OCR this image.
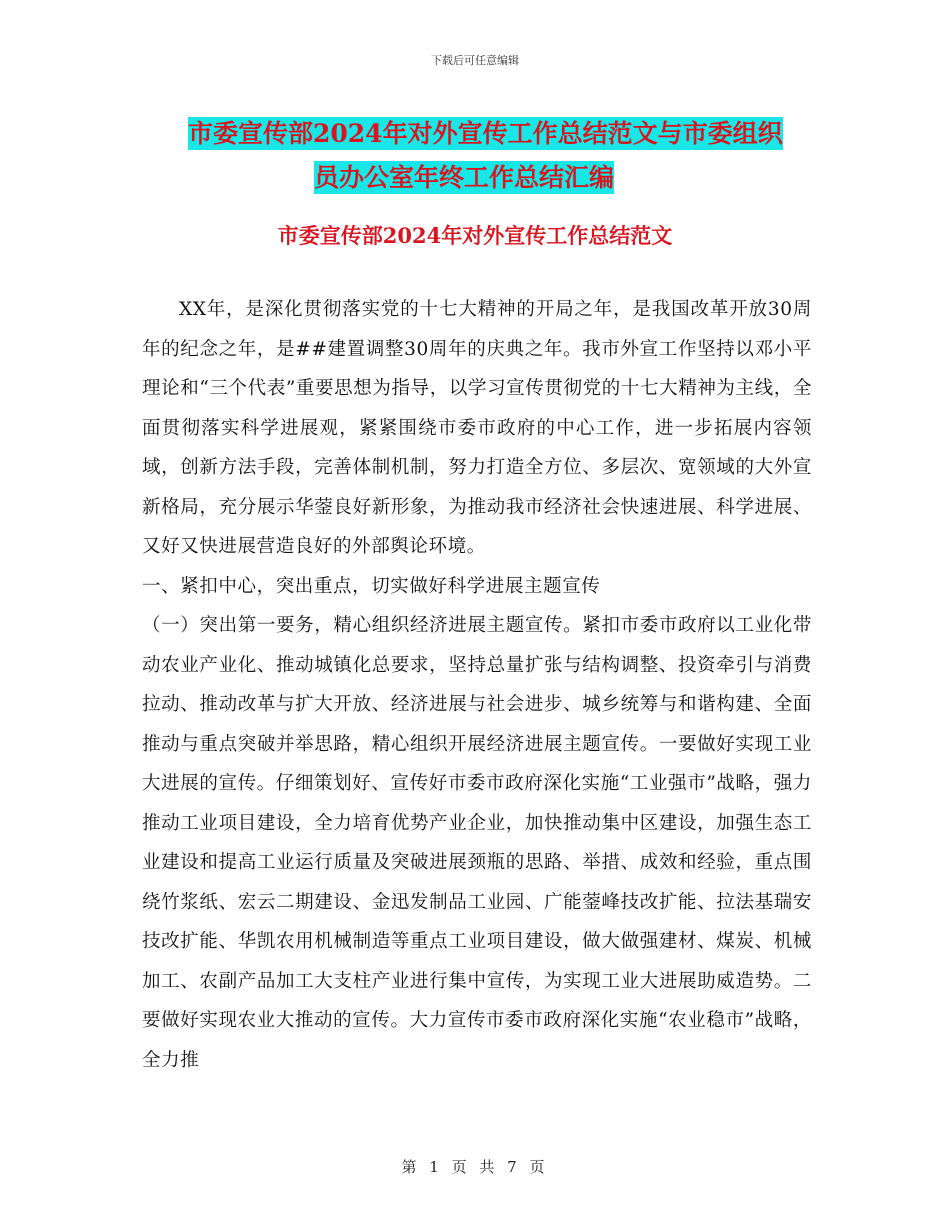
下载后可任意编辑
市委宣传部2024年对外宣传工作总结范文与市委组织
员办公室年终工作总结汇编
市委宣传部2024年对外宣传工作总结范文

XX年，是深化贯彻落实党的十七大精神的开局之年，是我国改革开放30周年的纪念之年，是##建置调整30周年的庆典之年。我市外宣工作坚持以邓小平理论和“三个代表”重要思想为指导，以学习宣传贯彻党的十七大精神为主线，全面贯彻落实科学进展观，紧紧围绕市委市政府的中心工作，进一步拓展内容领域，创新方法手段，完善体制机制，努力打造全方位、多层次、宽领域的大外宣新格局，充分展示华蓥良好新形象，为推动我市经济社会快速进展、科学进展、又好又快进展营造良好的外部舆论环境。

一、紧扣中心，突出重点，切实做好科学进展主题宣传

（一）突出第一要务，精心组织经济进展主题宣传。紧扣市委市政府以工业化带动农业产业化、推动城镇化总要求，坚持总量扩张与结构调整、投资牵引与消费拉动、推动改革与扩大开放、经济进展与社会进步、城乡统筹与和谐构建、全面推动与重点突破并举思路，精心组织开展经济进展主题宣传。一要做好实现工业大进展的宣传。仔细策划好、宣传好市委市政府深化实施“工业强市”战略，强力推动工业项目建设，全力培育优势产业企业，加快推动集中区建设，加强生态工业建设和提高工业运行质量及突破进展颈瓶的思路、举措、成效和经验，重点围绕竹浆纸、宏云二期建设、金迅发制品工业园、广能蓥峰技改扩能、拉法基瑞安技改扩能、华凯农用机械制造等重点工业项目建设，做大做强建材、煤炭、机械加工、农副产品加工大支柱产业进行集中宣传，为实现工业大进展助威造势。二要做好实现农业大推动的宣传。大力宣传市委市政府深化实施“农业稳市”战略，全力推

第 1 页 共 7 页
